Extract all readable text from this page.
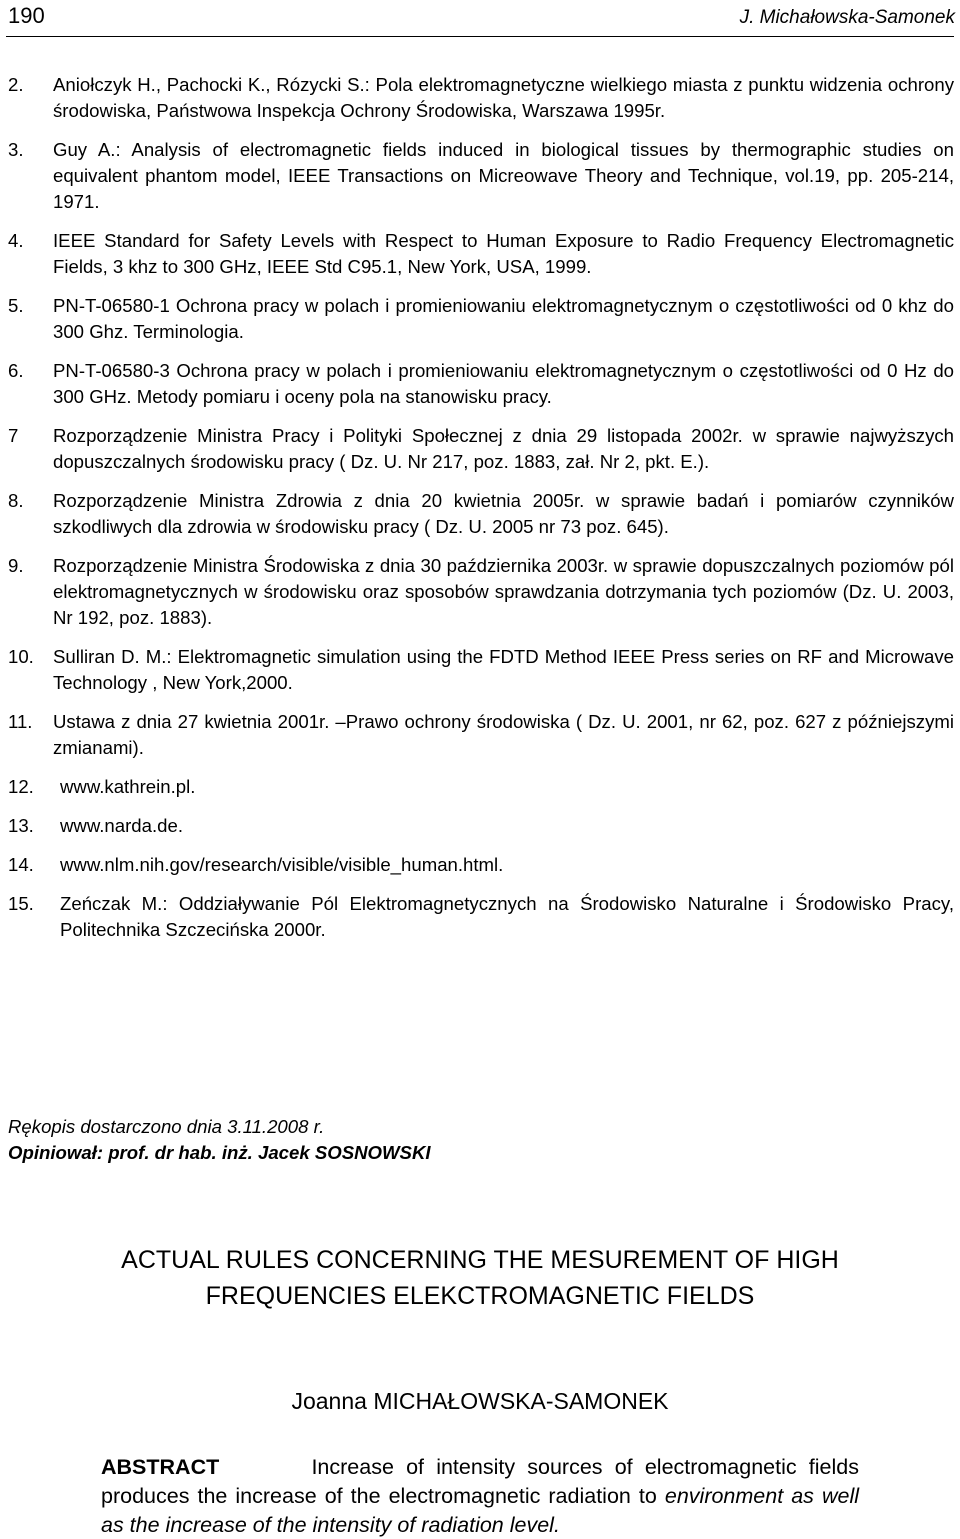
190	J. Michałowska-Samonek
2. Aniołczyk H., Pachocki K., Rózycki S.: Pola elektromagnetyczne wielkiego miasta z punktu widzenia ochrony środowiska, Państwowa Inspekcja Ochrony Środowiska, Warszawa 1995r.
3. Guy A.: Analysis of electromagnetic fields induced in biological tissues by thermographic studies on equivalent phantom model, IEEE Transactions on Micreowave Theory and Technique, vol.19, pp. 205-214, 1971.
4. IEEE Standard for Safety Levels with Respect to Human Exposure to Radio Frequency Electromagnetic Fields, 3 khz to 300 GHz, IEEE Std C95.1, New York, USA, 1999.
5. PN-T-06580-1 Ochrona pracy w polach i promieniowaniu elektromagnetycznym o częstotliwości od 0 khz do 300 Ghz. Terminologia.
6. PN-T-06580-3 Ochrona pracy w polach i promieniowaniu elektromagnetycznym o częstotliwości od 0 Hz do 300 GHz. Metody pomiaru i oceny pola na stanowisku pracy.
7 Rozporządzenie Ministra Pracy i Polityki Społecznej z dnia 29 listopada 2002r. w sprawie najwyższych dopuszczalnych środowisku pracy ( Dz. U. Nr 217, poz. 1883, zał. Nr 2, pkt. E.).
8. Rozporządzenie Ministra Zdrowia z dnia 20 kwietnia 2005r. w sprawie badań i pomiarów czynników szkodliwych dla zdrowia w środowisku pracy ( Dz. U. 2005 nr 73 poz. 645).
9. Rozporządzenie Ministra Środowiska z dnia 30 października 2003r. w sprawie dopuszczalnych poziomów pól elektromagnetycznych w środowisku oraz sposobów sprawdzania dotrzymania tych poziomów (Dz. U. 2003, Nr 192, poz. 1883).
10. Sulliran D. M.: Elektromagnetic simulation using the FDTD Method IEEE Press series on RF and Microwave Technology , New York,2000.
11. Ustawa z dnia 27 kwietnia 2001r. –Prawo ochrony środowiska ( Dz. U. 2001, nr 62, poz. 627 z późniejszymi zmianami).
12. www.kathrein.pl.
13. www.narda.de.
14. www.nlm.nih.gov/research/visible/visible_human.html.
15. Zeńczak M.: Oddziaływanie Pól Elektromagnetycznych na Środowisko Naturalne i Środowisko Pracy, Politechnika Szczecińska 2000r.
Rękopis dostarczono dnia 3.11.2008 r.
Opiniował: prof. dr hab. inż. Jacek SOSNOWSKI
ACTUAL RULES CONCERNING THE MESUREMENT OF HIGH
FREQUENCIES ELEKCTROMAGNETIC FIELDS
Joanna MICHAŁOWSKA-SAMONEK
ABSTRACT	Increase of intensity sources of electromagnetic fields produces the increase of the electromagnetic radiation to environment as well as the increase of the intensity of radiation level.
